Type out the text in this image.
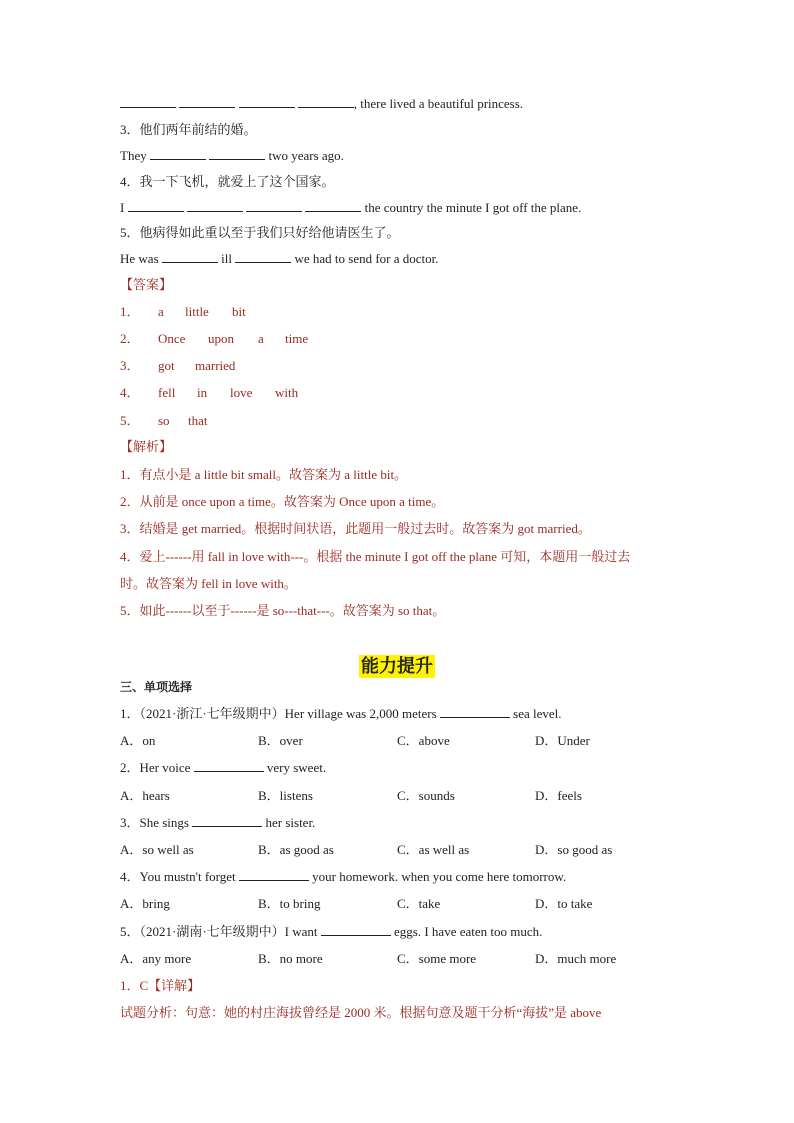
, there lived a beautiful princess.
3．他们两年前结的婚。
They	two years ago.
4．我一下飞机，就爱上了这个国家。
I	the country the minute I got off the plane.
5．他病得如此重以至于我们只好给他请医生了。
He was	ill	we had to send for a doctor.
【答案】
1． a little bit
2． Once upon a time
3． got married
4． fell in love with
5． so that
【解析】
1．有点小是 a little bit small。故答案为 a little bit。
2．从前是 once upon a time。故答案为 Once upon a time。
3．结婚是 get married。根据时间状语，此题用一般过去时。故答案为 got married。
4．爱上------用 fall in love with---。根据 the minute I got off the plane 可知，本题用一般过去
时。故答案为 fell in love with。
5．如此------以至于------是 so---that---。故答案为 so that。
能力提升
三、单项选择
1．（2021·浙江·七年级期中）Her village was 2,000 meters	sea level.
A．on	B．over	C．above	D．Under
2．Her voice	very sweet.
A．hears	B．listens	C．sounds	D．feels
3．She sings	her sister.
A．so well as	B．as good as	C．as well as	D．so good as
4．You mustn't forget	your homework. when you come here tomorrow.
A．bring	B．to bring	C．take	D．to take
5．（2021·湖南·七年级期中）I want	eggs. I have eaten too much.
A．any more	B．no more	C．some more	D．much more
1．C【详解】
试题分析：句意：她的村庄海拔曾经是 2000 米。根据句意及题干分析“海拔”是 above
